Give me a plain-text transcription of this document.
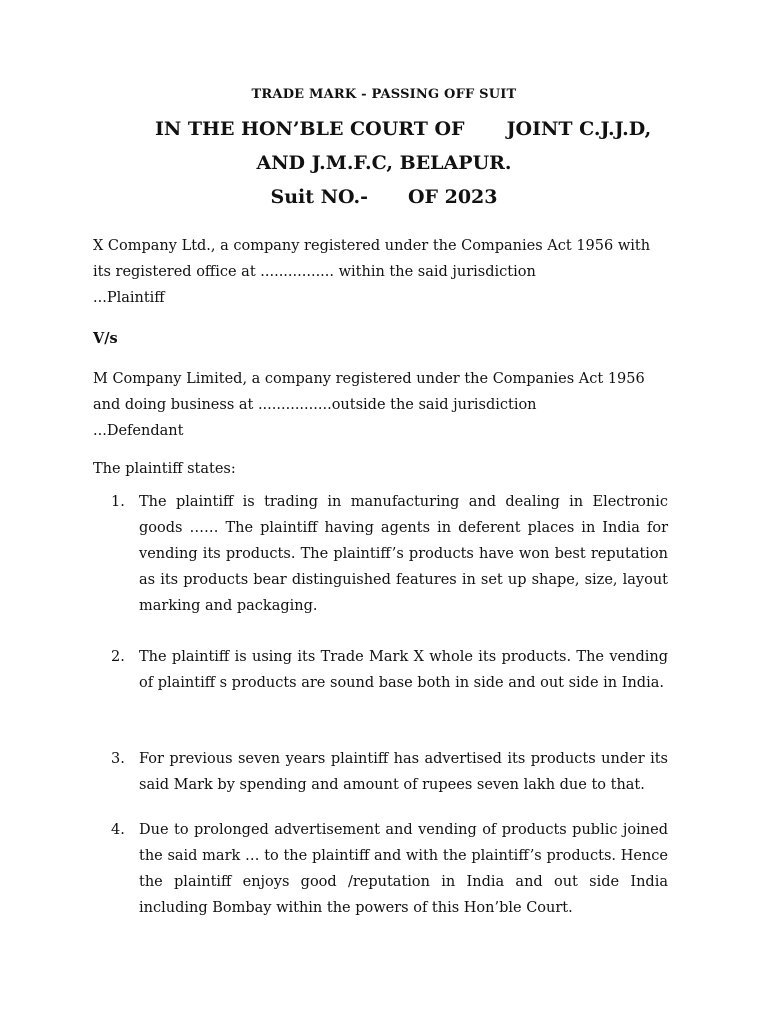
TRADE MARK - PASSING OFF SUIT
IN THE HON’BLE COURT OF JOINT C.J.J.D,
AND J.M.F.C, BELAPUR.
Suit NO.- OF 2023
X Company Ltd., a company registered under the Companies Act 1956 with
its registered office at ................ within the said jurisdiction
...Plaintiff
V/s
M Company Limited, a company registered under the Companies Act 1956
and doing business at ................outside the said jurisdiction
...Defendant
The plaintiff states:
1. The plaintiff is trading in manufacturing and dealing in Electronic goods …… The plaintiff having agents in deferent places in India for vending its products. The plaintiff’s products have won best reputation as its products bear distinguished features in set up shape, size, layout marking and packaging.
2. The plaintiff is using its Trade Mark X whole its products. The vending of plaintiff s products are sound base both in side and out side in India.
3. For previous seven years plaintiff has advertised its products under its said Mark by spending and amount of rupees seven lakh due to that.
4. Due to prolonged advertisement and vending of products public joined the said mark … to the plaintiff and with the plaintiff’s products. Hence the plaintiff enjoys good /reputation in India and out side India including Bombay within the powers of this Hon’ble Court.
